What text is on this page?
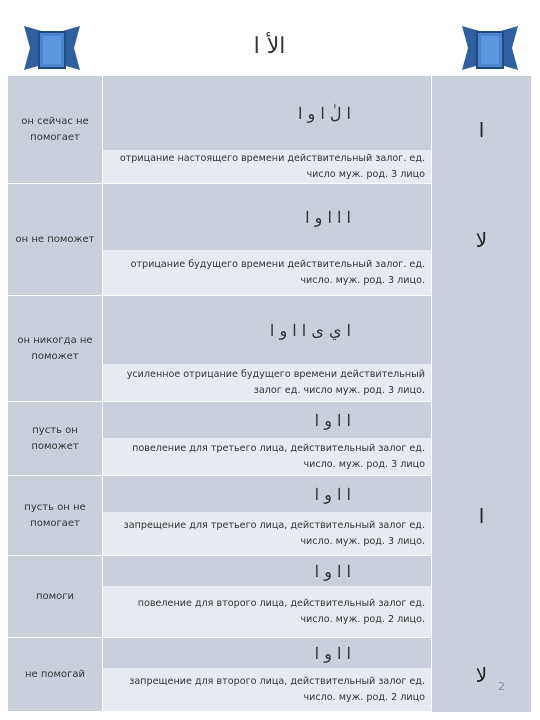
الأ ا
он сейчас не помогает
он не поможет
он никогда не поможет
пусть он поможет
пусть он не помогает
помоги
не помогай
ا لٰ ا و ا
отрицание настоящего времени действительный залог. ед. число муж. род. 3 лицо
ا ا ا و ا
отрицание будущего времени действительный залог. ед. число. муж. род. 3 лицо.
ا ي ی ا ا و ا
усиленное отрицание будущего времени действительный залог ед. число муж. род. 3 лицо.
ا ا و ا
повеление для третьего лица, действительный залог ед. число. муж. род. 3 лицо
ا ا و ا
запрещение для третьего лица, действительный залог ед. число. муж. род. 3 лицо.
ا ا و ا
повеление для второго лица, действительный залог ед. число. муж. род. 2 лицо.
ا ا و ا
запрещение для второго лица, действительный залог ед. число. муж. род. 2 лицо
ا
لا
ا
لا 2
